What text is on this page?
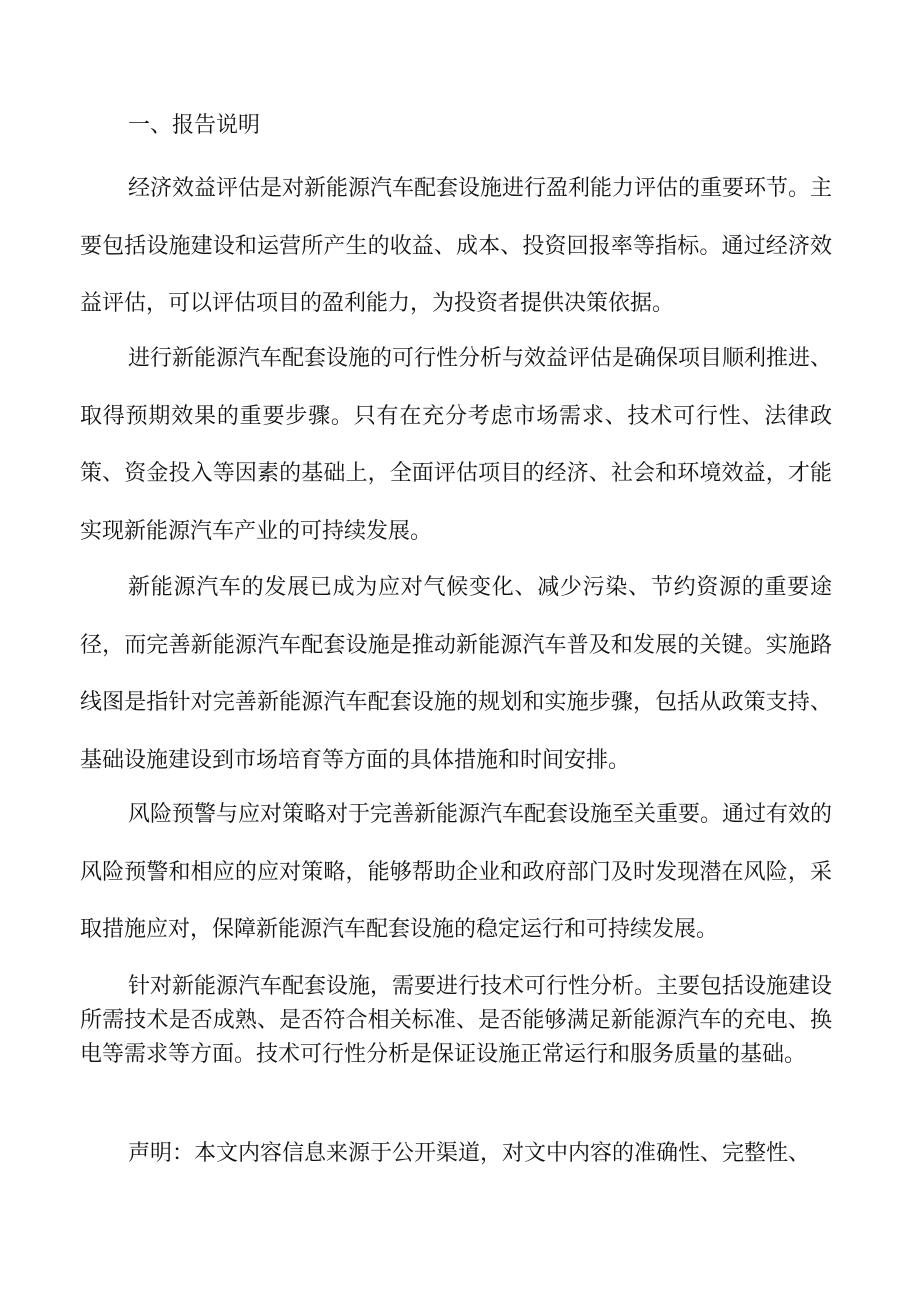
一、报告说明

经济效益评估是对新能源汽车配套设施进行盈利能力评估的重要环节。主要包括设施建设和运营所产生的收益、成本、投资回报率等指标。通过经济效益评估，可以评估项目的盈利能力，为投资者提供决策依据。

进行新能源汽车配套设施的可行性分析与效益评估是确保项目顺利推进、取得预期效果的重要步骤。只有在充分考虑市场需求、技术可行性、法律政策、资金投入等因素的基础上，全面评估项目的经济、社会和环境效益，才能实现新能源汽车产业的可持续发展。

新能源汽车的发展已成为应对气候变化、减少污染、节约资源的重要途径，而完善新能源汽车配套设施是推动新能源汽车普及和发展的关键。实施路线图是指针对完善新能源汽车配套设施的规划和实施步骤，包括从政策支持、基础设施建设到市场培育等方面的具体措施和时间安排。

风险预警与应对策略对于完善新能源汽车配套设施至关重要。通过有效的风险预警和相应的应对策略，能够帮助企业和政府部门及时发现潜在风险，采取措施应对，保障新能源汽车配套设施的稳定运行和可持续发展。

针对新能源汽车配套设施，需要进行技术可行性分析。主要包括设施建设所需技术是否成熟、是否符合相关标准、是否能够满足新能源汽车的充电、换电等需求等方面。技术可行性分析是保证设施正常运行和服务质量的基础。

声明：本文内容信息来源于公开渠道，对文中内容的准确性、完整性、
